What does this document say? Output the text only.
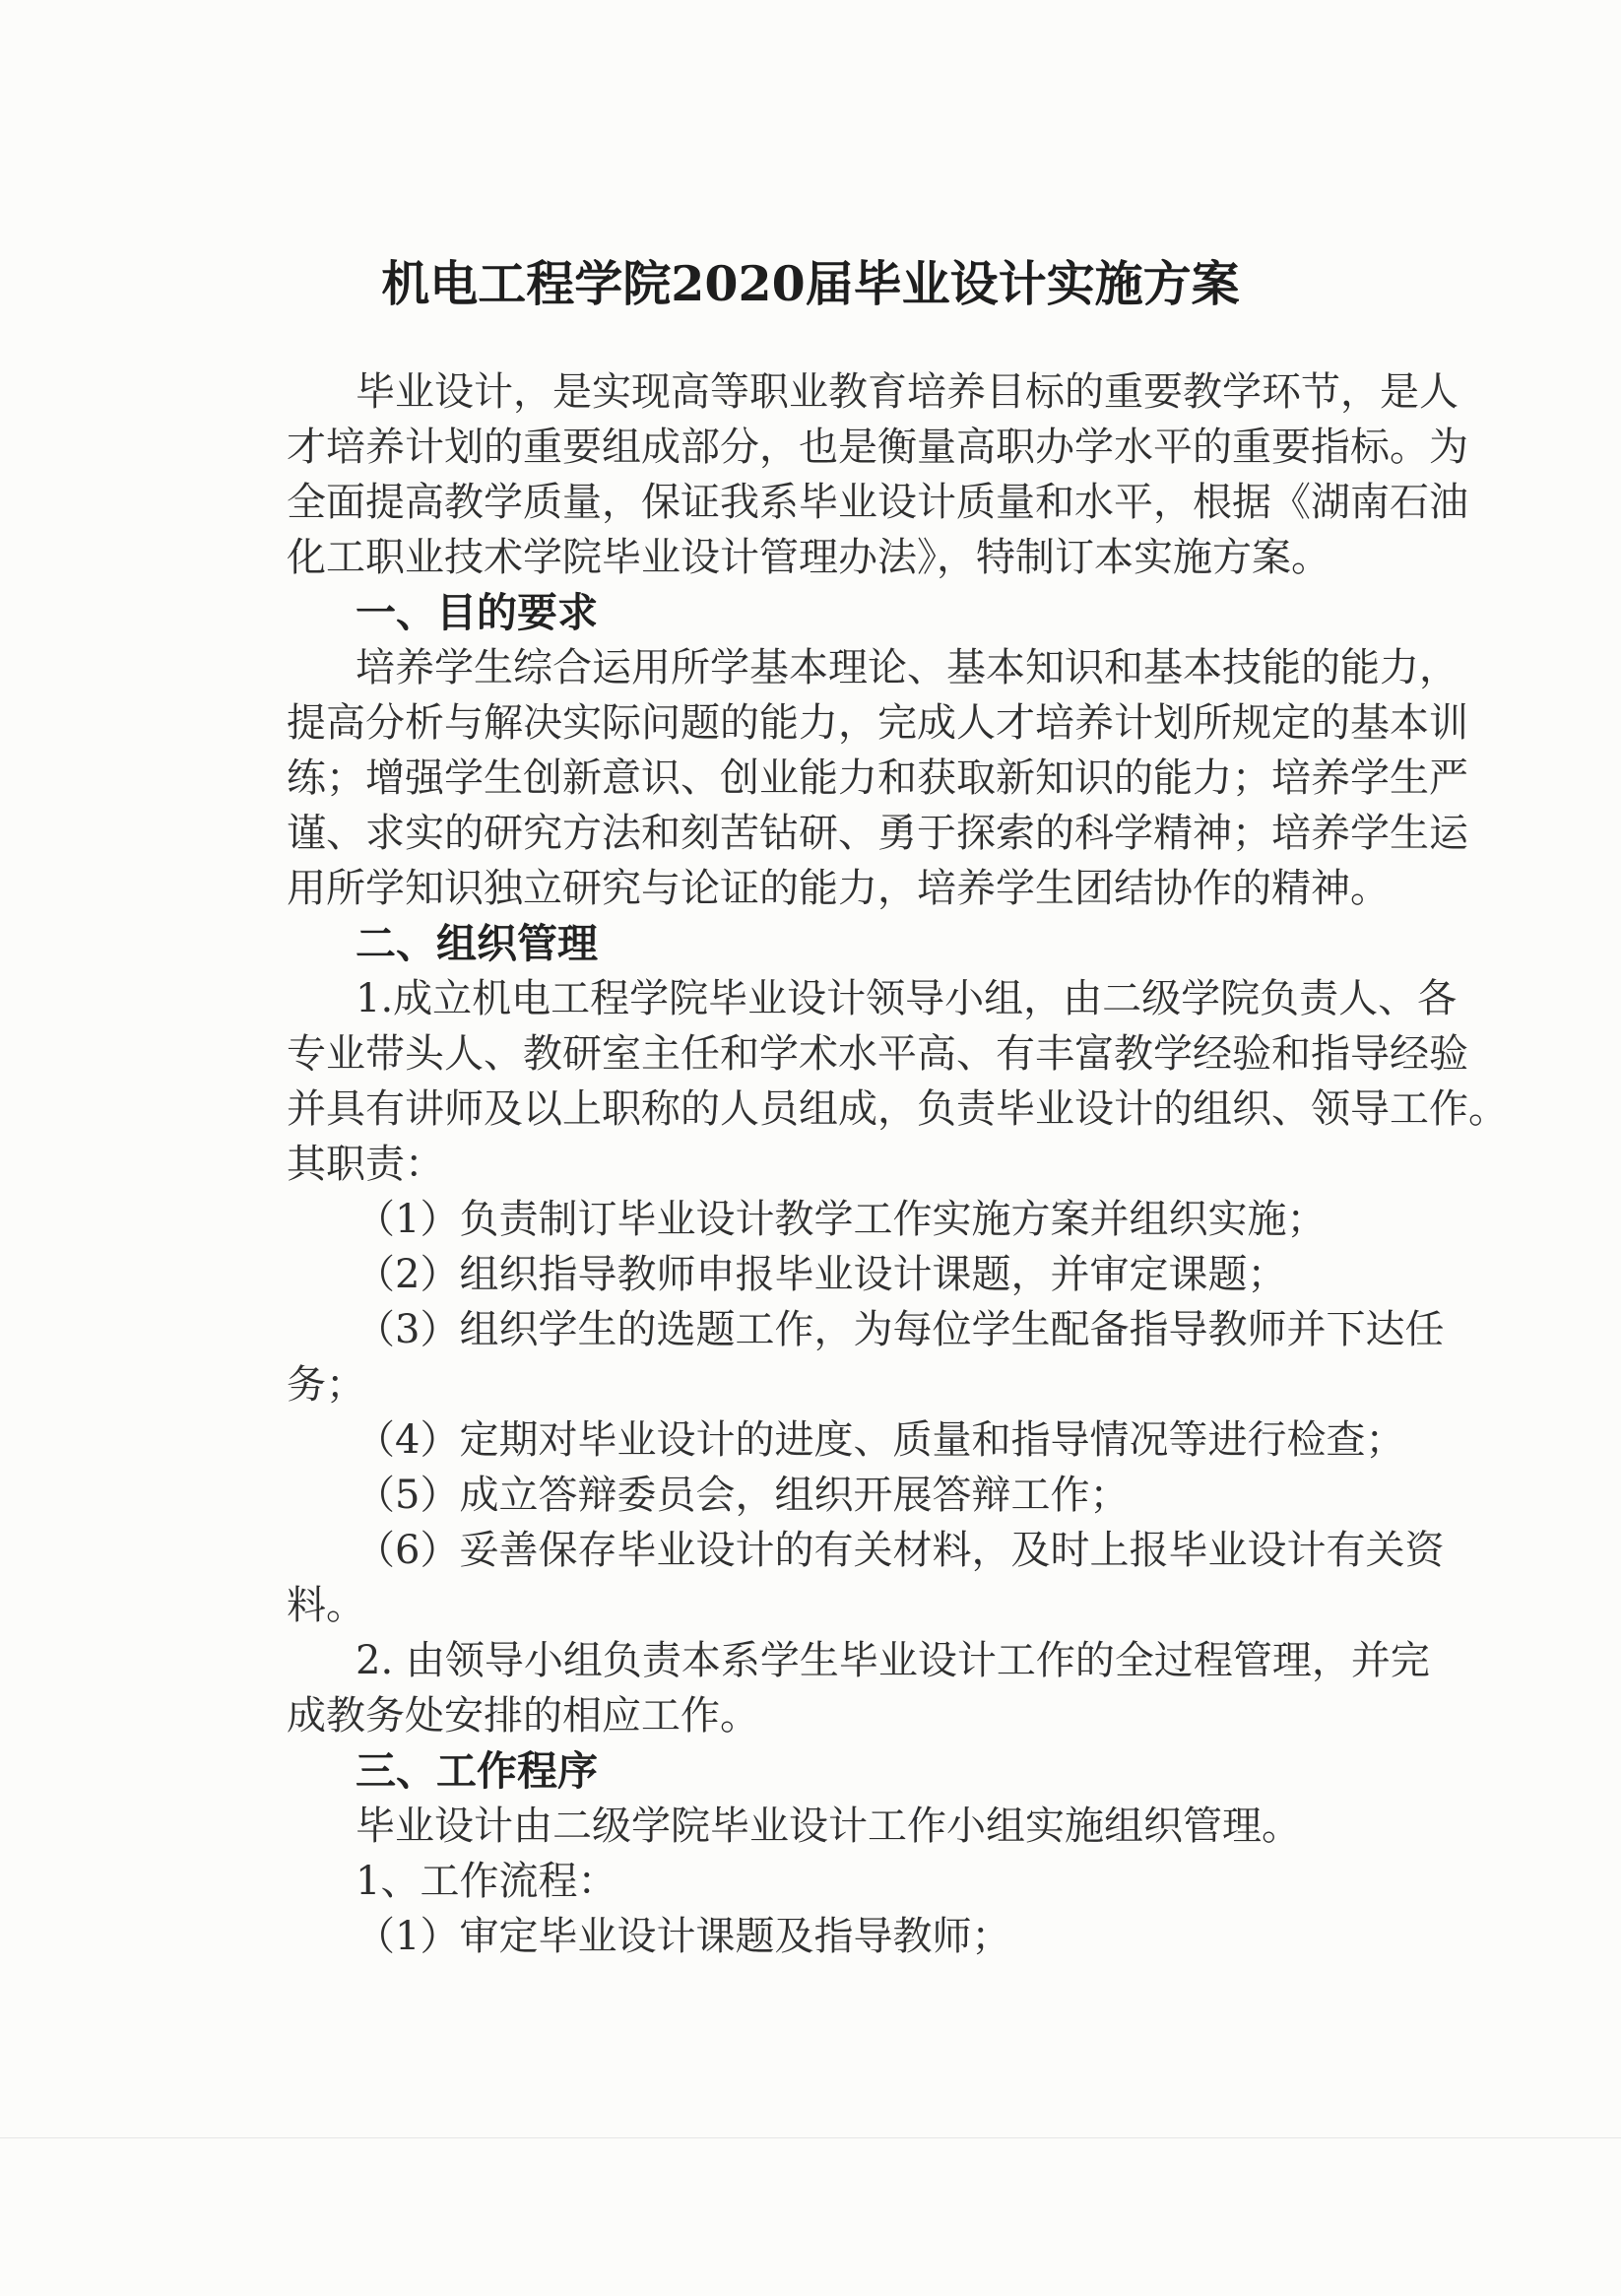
机电工程学院2020届毕业设计实施方案
毕业设计，是实现高等职业教育培养目标的重要教学环节，是人
才培养计划的重要组成部分，也是衡量高职办学水平的重要指标。为
全面提高教学质量，保证我系毕业设计质量和水平，根据《湖南石油
化工职业技术学院毕业设计管理办法》，特制订本实施方案。
一、目的要求
培养学生综合运用所学基本理论、基本知识和基本技能的能力，
提高分析与解决实际问题的能力，完成人才培养计划所规定的基本训
练；增强学生创新意识、创业能力和获取新知识的能力；培养学生严
谨、求实的研究方法和刻苦钻研、勇于探索的科学精神；培养学生运
用所学知识独立研究与论证的能力，培养学生团结协作的精神。
二、组织管理
1.成立机电工程学院毕业设计领导小组，由二级学院负责人、各
专业带头人、教研室主任和学术水平高、有丰富教学经验和指导经验
并具有讲师及以上职称的人员组成，负责毕业设计的组织、领导工作。
其职责：
（1）负责制订毕业设计教学工作实施方案并组织实施；
（2）组织指导教师申报毕业设计课题，并审定课题；
（3）组织学生的选题工作，为每位学生配备指导教师并下达任
务；
（4）定期对毕业设计的进度、质量和指导情况等进行检查；
（5）成立答辩委员会，组织开展答辩工作；
（6）妥善保存毕业设计的有关材料，及时上报毕业设计有关资
料。
2. 由领导小组负责本系学生毕业设计工作的全过程管理，并完
成教务处安排的相应工作。
三、工作程序
毕业设计由二级学院毕业设计工作小组实施组织管理。
1、工作流程：
（1）审定毕业设计课题及指导教师；
